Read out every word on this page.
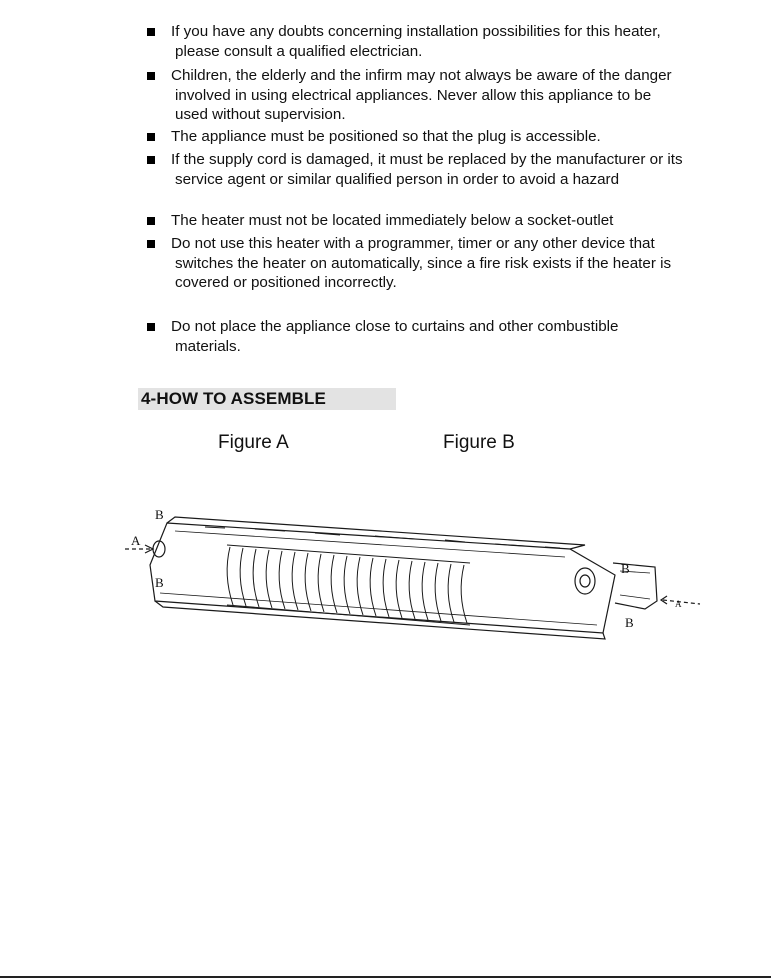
If you have any doubts concerning installation possibilities for this heater, please consult a qualified electrician.
Children, the elderly and the infirm may not always be aware of the danger involved in using electrical appliances. Never allow this appliance to be used without supervision.
The appliance must be positioned so that the plug is accessible.
If the supply cord is damaged, it must be replaced by the manufacturer or its service agent or similar qualified person in order to avoid a hazard
The heater must not be located immediately below a socket-outlet
Do not use this heater with a programmer, timer or any other device that switches the heater on automatically, since a fire risk exists if the heater is covered or positioned incorrectly.
Do not place the appliance close to curtains and other combustible materials.
4-HOW TO ASSEMBLE
Figure A	Figure B
B
A
B
B
B
A
